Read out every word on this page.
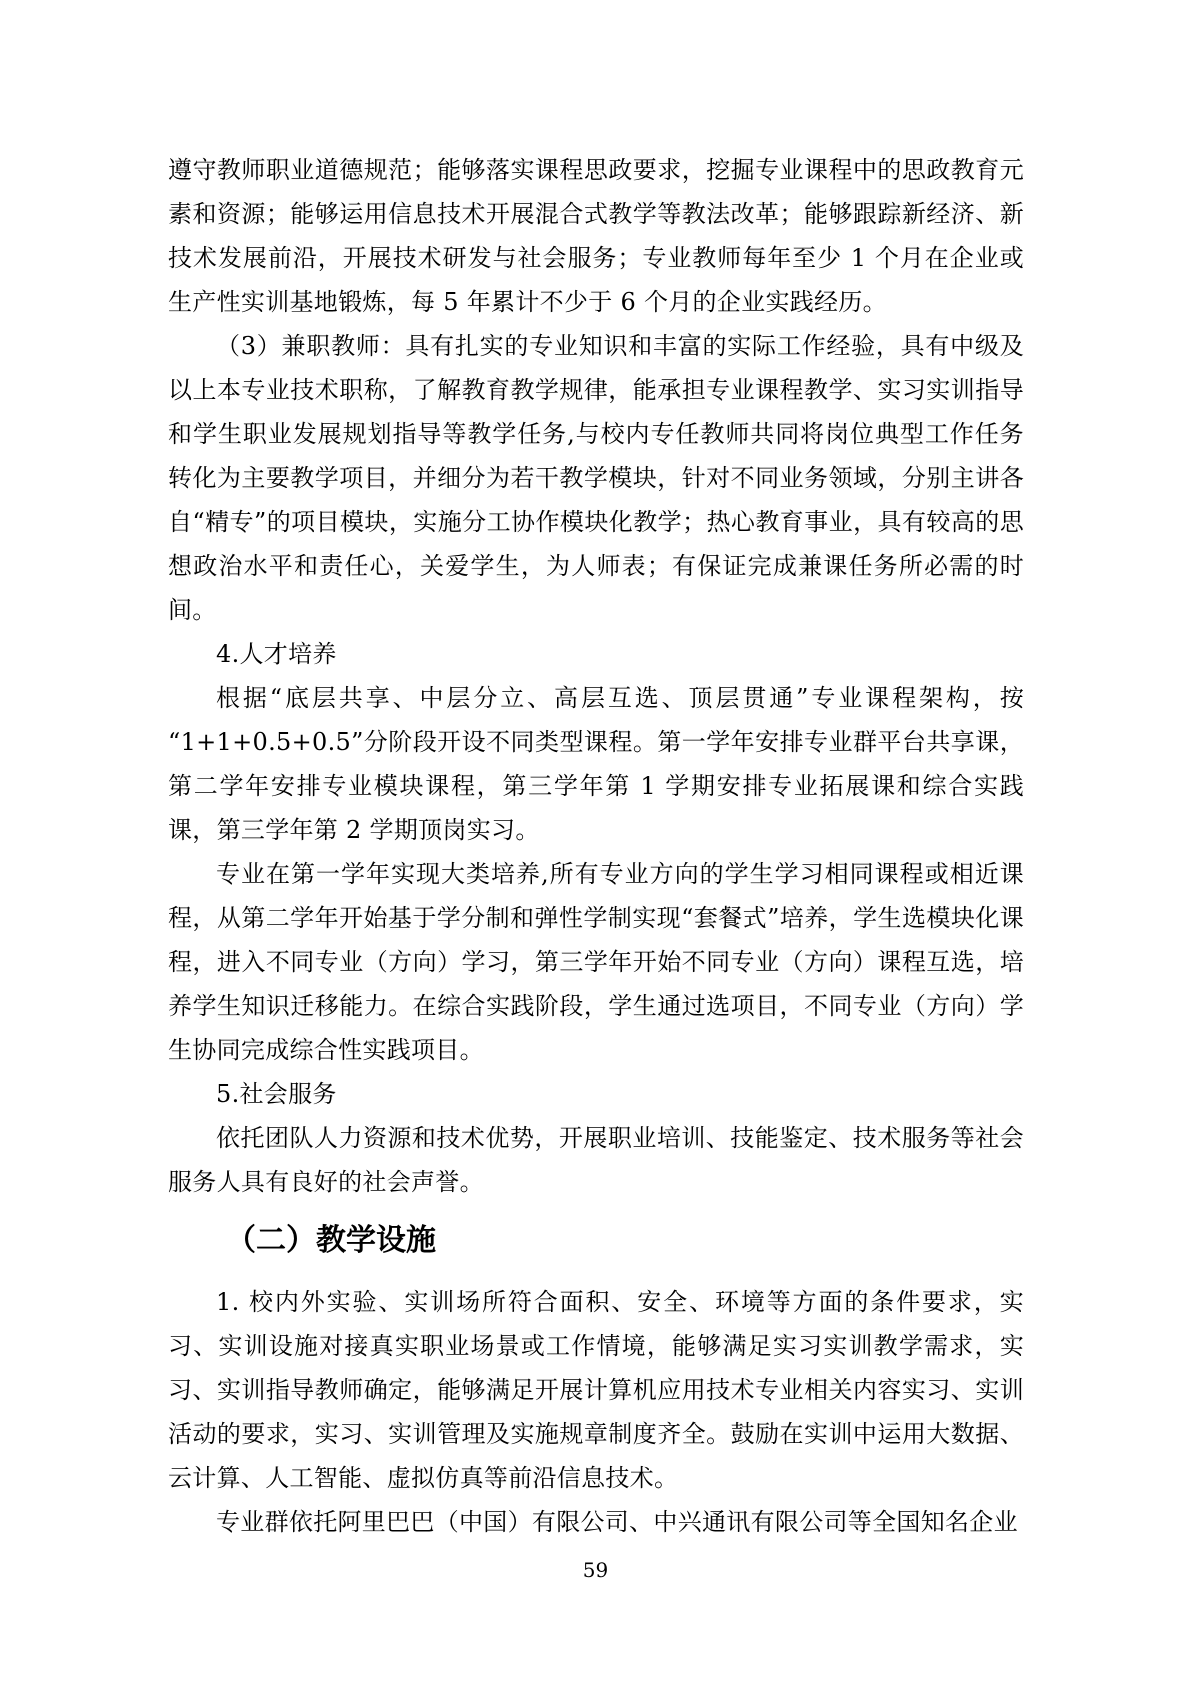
遵守教师职业道德规范；能够落实课程思政要求，挖掘专业课程中的思政教育元素和资源；能够运用信息技术开展混合式教学等教法改革；能够跟踪新经济、新技术发展前沿，开展技术研发与社会服务；专业教师每年至少 1 个月在企业或生产性实训基地锻炼，每 5 年累计不少于 6 个月的企业实践经历。

（3）兼职教师：具有扎实的专业知识和丰富的实际工作经验，具有中级及以上本专业技术职称，了解教育教学规律，能承担专业课程教学、实习实训指导和学生职业发展规划指导等教学任务,与校内专任教师共同将岗位典型工作任务转化为主要教学项目，并细分为若干教学模块，针对不同业务领域，分别主讲各自“精专”的项目模块，实施分工协作模块化教学；热心教育事业，具有较高的思想政治水平和责任心，关爱学生，为人师表；有保证完成兼课任务所必需的时间。

4.人才培养

根据“底层共享、中层分立、高层互选、顶层贯通”专业课程架构，按“1+1+0.5+0.5”分阶段开设不同类型课程。第一学年安排专业群平台共享课，第二学年安排专业模块课程，第三学年第 1 学期安排专业拓展课和综合实践课，第三学年第 2 学期顶岗实习。

专业在第一学年实现大类培养,所有专业方向的学生学习相同课程或相近课程，从第二学年开始基于学分制和弹性学制实现“套餐式”培养，学生选模块化课程，进入不同专业（方向）学习，第三学年开始不同专业（方向）课程互选，培养学生知识迁移能力。在综合实践阶段，学生通过选项目，不同专业（方向）学生协同完成综合性实践项目。

5.社会服务

依托团队人力资源和技术优势，开展职业培训、技能鉴定、技术服务等社会服务人具有良好的社会声誉。

（二）教学设施

1. 校内外实验、实训场所符合面积、安全、环境等方面的条件要求，实习、实训设施对接真实职业场景或工作情境，能够满足实习实训教学需求，实习、实训指导教师确定，能够满足开展计算机应用技术专业相关内容实习、实训活动的要求，实习、实训管理及实施规章制度齐全。鼓励在实训中运用大数据、云计算、人工智能、虚拟仿真等前沿信息技术。

专业群依托阿里巴巴（中国）有限公司、中兴通讯有限公司等全国知名企业

59
